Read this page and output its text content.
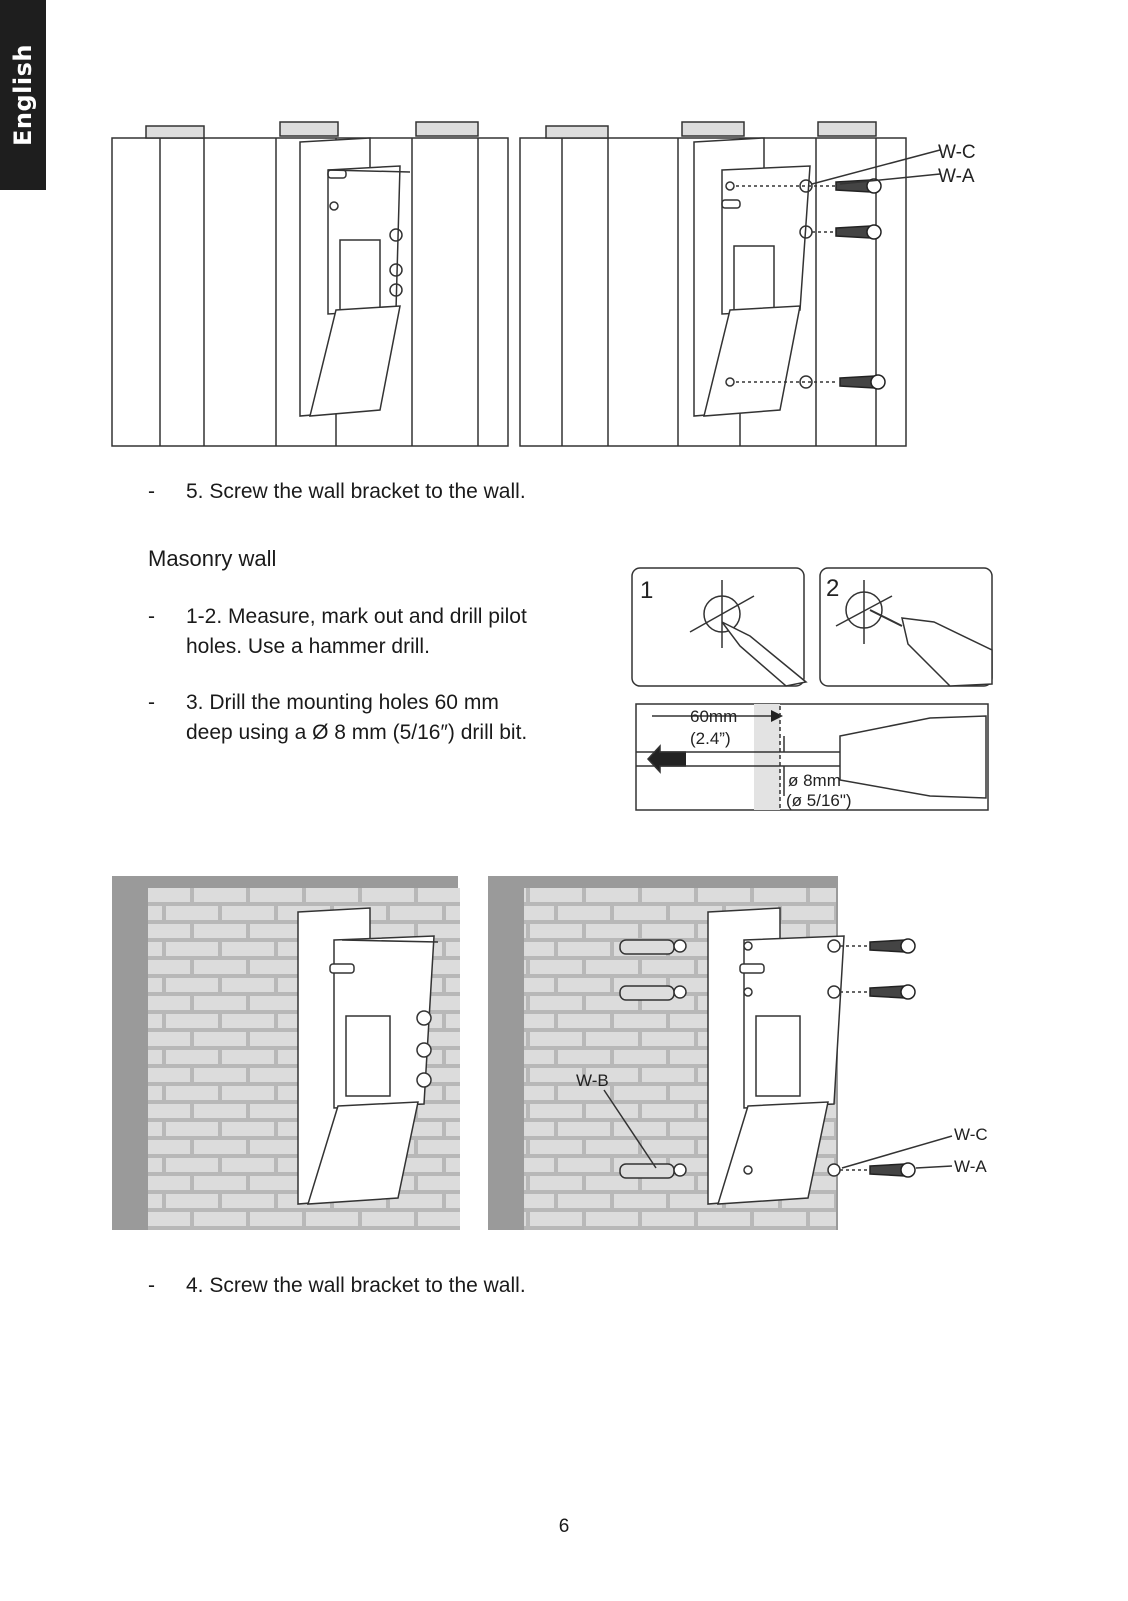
English
W-C
W-A
- 5. Screw the wall bracket to the wall.
Masonry wall
- 1-2. Measure, mark out and drill pilot
holes. Use a hammer drill.
- 3. Drill the mounting holes 60 mm
deep using a Ø 8 mm (5/16″) drill bit.
1	2
60mm
(2.4”)
ø 8mm
(ø 5/16")
W-B
W-C
W-A
- 4. Screw the wall bracket to the wall.
6
